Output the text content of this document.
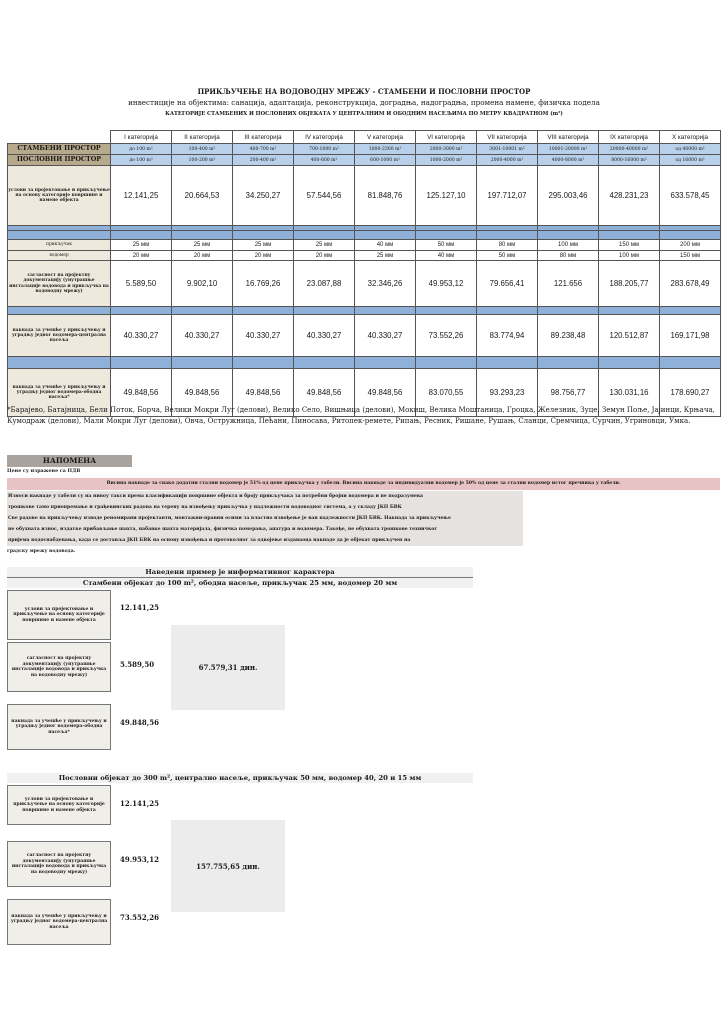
ПРИКЉУЧЕЊЕ НА ВОДОВОДНУ МРЕЖУ - СТАМБЕНИ И ПОСЛОВНИ ПРОСТОР
инвестиције на објектима: санација, адаптација, реконструкција, доградња, надоградња, промена намене, физичка подела
КАТЕГОРИЈЕ СТАМБЕНИХ И ПОСЛОВНИХ ОБЈЕКАТА У ЦЕНТРАЛНИМ И ОБОДНИМ НАСЕЉИМА ПО МЕТРУ КВАДРАТНОМ (m²)
	I категорија	II категорија	III категорија	IV категорија	V категорија	VI категорија	VII категорија	VIII категорија	IX категорија	X категорија
СТАМБЕНИ ПРОСТОР	до 100 m²	100-400 m²	400-700 m²	700-1000 m²	1000-2300 m²	2000-3000 m²	3001-10001 m²	10001-20000 m²	20000-40000 m²	од 40000 m²
ПОСЛОВНИ ПРОСТОР	до 100 m²	100-200 m²	200-400 m²	400-600 m²	600-1000 m²	1000-2000 m²	2000-4000 m²	4000-8000 m²	8000-16000 m²	од 16000 m²
услови за пројектовање и прикључење на основу категорије површине и намене објекта	12.141,25	20.664,53	34.250,27	57.544,56	81.848,76	125.127,10	197.712,07	295.003,46	428.231,23	633.578,45

прикључак	25 мм	25 мм	25 мм	25 мм	40 мм	50 мм	80 мм	100 мм	150 мм	200 мм
водомер	20 мм	20 мм	20 мм	20 мм	25 мм	40 мм	50 мм	80 мм	100 мм	150 мм
сагласност на пројектну документацију (унутрашње инсталације водовода и прикључка на водоводну мрежу)	5.589,50	9.902,10	16.769,26	23.087,88	32.346,26	49.953,12	79.656,41	121.656	188.205,77	283.678,49

накнада за учешће у прикључењу и уградњу једног водомера-централна насеља	40.330,27	40.330,27	40.330,27	40.330,27	40.330,27	73.552,26	83.774,94	89.238,48	120.512,87	169.171,98

накнада за учешће у прикључењу и уградњу једног водомера-ободна насеља*	49.848,56	49.848,56	49.848,56	49.848,56	49.848,56	83.070,55	93.293,23	98.756,77	130.031,16	178.690,27
*Барајево, Батајница, Бели Поток, Борча, Велики Мокри Луг (делови), Велико Село, Вишњица (делови), Мокиш, Велика Моштаница, Гроцка, Железник, Зуце, Земун Поље, Јајинци, Крњача, Кумодраж (делови), Мали Мокри Луг (делови), Овча, Остружница, Пећани, Пиносава, Ритопек-ремете, Рипањ, Ресник, Ришане, Рушањ, Сланци, Сремчица, Сурчин, Угриновци, Умка.
НАПОМЕНА
Цене су изражене са ПДВ
Висина накнаде за свако додатни стални водомер је 51% од цене прикључка у табели. Висина накнаде за индивидуални водомер је 50% од цене за стални водомер истог пречника у табели.
Износи накнаде у табели су на нивоу такси према класификацији површине објекта и броју прикључака за потребни бројни водомера и не подразумева
трошкове тамо приопремање и грађевинских радова на терену на извођењу прикључка у надлежности водоводног система, а у складу ЈКП БВК
Све радове на прикључењу изводе реномирани пројектанти, монтажни-правни осими за властио извођење је ван надлежности ЈКП БВК. Накнада за прикључење
не обухвата износ, издатке прибављање шахта, набавке шахта материјала, физичка померања, апатура и водомера. Такође, не обухвата трошкове техничког
пријема водоснабдевања, када се доставља ЈКП БВК на основу извођења и протоколног за одвојење издаваоца накнаде да је објекат прикључен на
градску мрежу водовода.
Наведени пример је информативног карактера
Стамбени објекат до 100 m², ободна насеље, прикључак 25 мм, водомер 20 мм
услови за пројектовање и прикључење на основу категорије површине и намене објекта
12.141,25
сагласност на пројектну документацију (унутрашње инсталације водовода и прикључка на водоводну мрежу)
5.589,50
накнада за учешће у прикључењу и уградњу једног водомера-ободна насеља*
49.848,56
67.579,31 дин.
Пословни објекат до 300 m², централно насеље, прикључак 50 мм, водомер 40, 20 и 15 мм
услови за пројектовање и прикључење на основу категорије површине и намене објекта
12.141,25
сагласност на пројектну документацију (унутрашње инсталације водовода и прикључка на водоводну мрежу)
49.953,12
накнада за учешће у прикључењу и уградњу једног водомера-централна насеља
73.552,26
157.755,65 дин.
